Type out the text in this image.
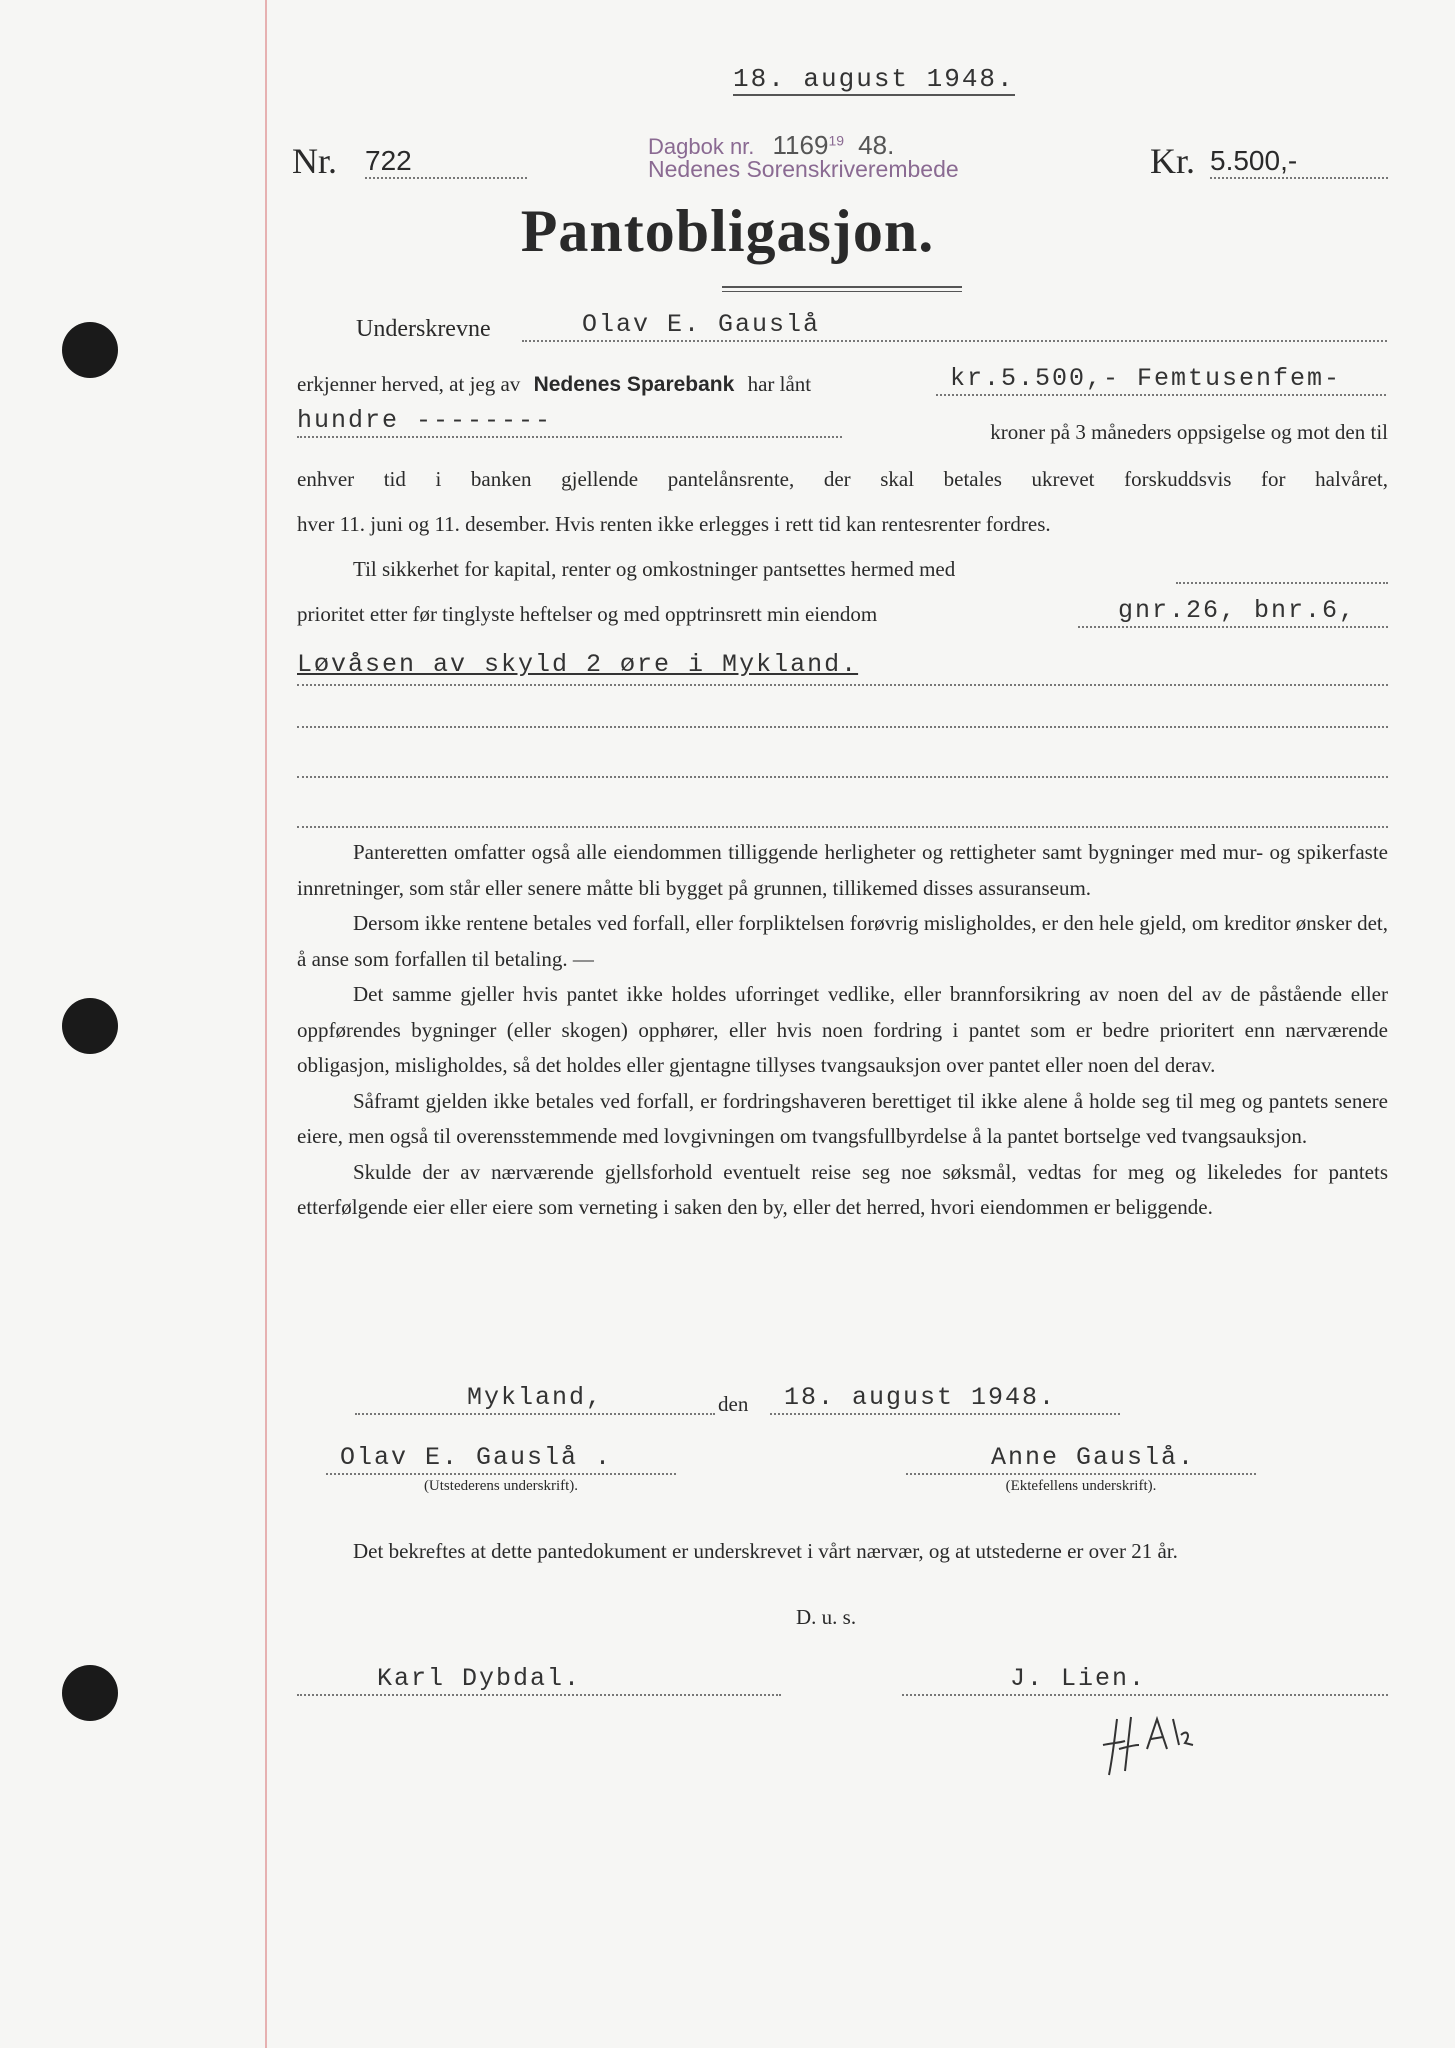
18. august 1948.
Nr. 722	Dagbok nr. 1169$^{19}$ 48.
Nedenes Sorenskriverembede	Kr. 5.500,-
Pantobligasjon.
Underskrevne	Olav E. Gauslå
erkjenner herved, at jeg av Nedenes Sparebank har lånt	kr.5.500,- Femtusenfem-
hundre --------	kroner på 3 måneders oppsigelse og mot den til
enhver tid i banken gjellende pantelånsrente, der skal betales ukrevet forskuddsvis for halvåret,
hver 11. juni og 11. desember. Hvis renten ikke erlegges i rett tid kan rentesrenter fordres.
Til sikkerhet for kapital, renter og omkostninger pantsettes hermed med
prioritet etter før tinglyste heftelser og med opptrinsrett min eiendom	gnr.26, bnr.6,
Løvåsen av skyld 2 øre i Mykland.

Panteretten omfatter også alle eiendommen tilliggende herligheter og rettigheter samt bygninger med mur- og spikerfaste innretninger, som står eller senere måtte bli bygget på grunnen, tillikemed disses assuranseum.

Dersom ikke rentene betales ved forfall, eller forpliktelsen forøvrig misligholdes, er den hele gjeld, om kreditor ønsker det, å anse som forfallen til betaling. —

Det samme gjeller hvis pantet ikke holdes uforringet vedlike, eller brannforsikring av noen del av de påstående eller oppførendes bygninger (eller skogen) opphører, eller hvis noen fordring i pantet som er bedre prioritert enn nærværende obligasjon, misligholdes, så det holdes eller gjentagne tillyses tvangsauksjon over pantet eller noen del derav.

Såframt gjelden ikke betales ved forfall, er fordringshaveren berettiget til ikke alene å holde seg til meg og pantets senere eiere, men også til overensstemmende med lovgivningen om tvangsfullbyrdelse å la pantet bortselge ved tvangsauksjon.

Skulde der av nærværende gjellsforhold eventuelt reise seg noe søksmål, vedtas for meg og likeledes for pantets etterfølgende eier eller eiere som verneting i saken den by, eller det herred, hvori eiendommen er beliggende.

Mykland,	den	18. august 1948.
Olav E. Gauslå .
(Utstederens underskrift).
Anne Gauslå.
(Ektefellens underskrift).

Det bekreftes at dette pantedokument er underskrevet i vårt nærvær, og at utstederne er over 21 år.

D. u. s.
Karl Dybdal.	J. Lien.
